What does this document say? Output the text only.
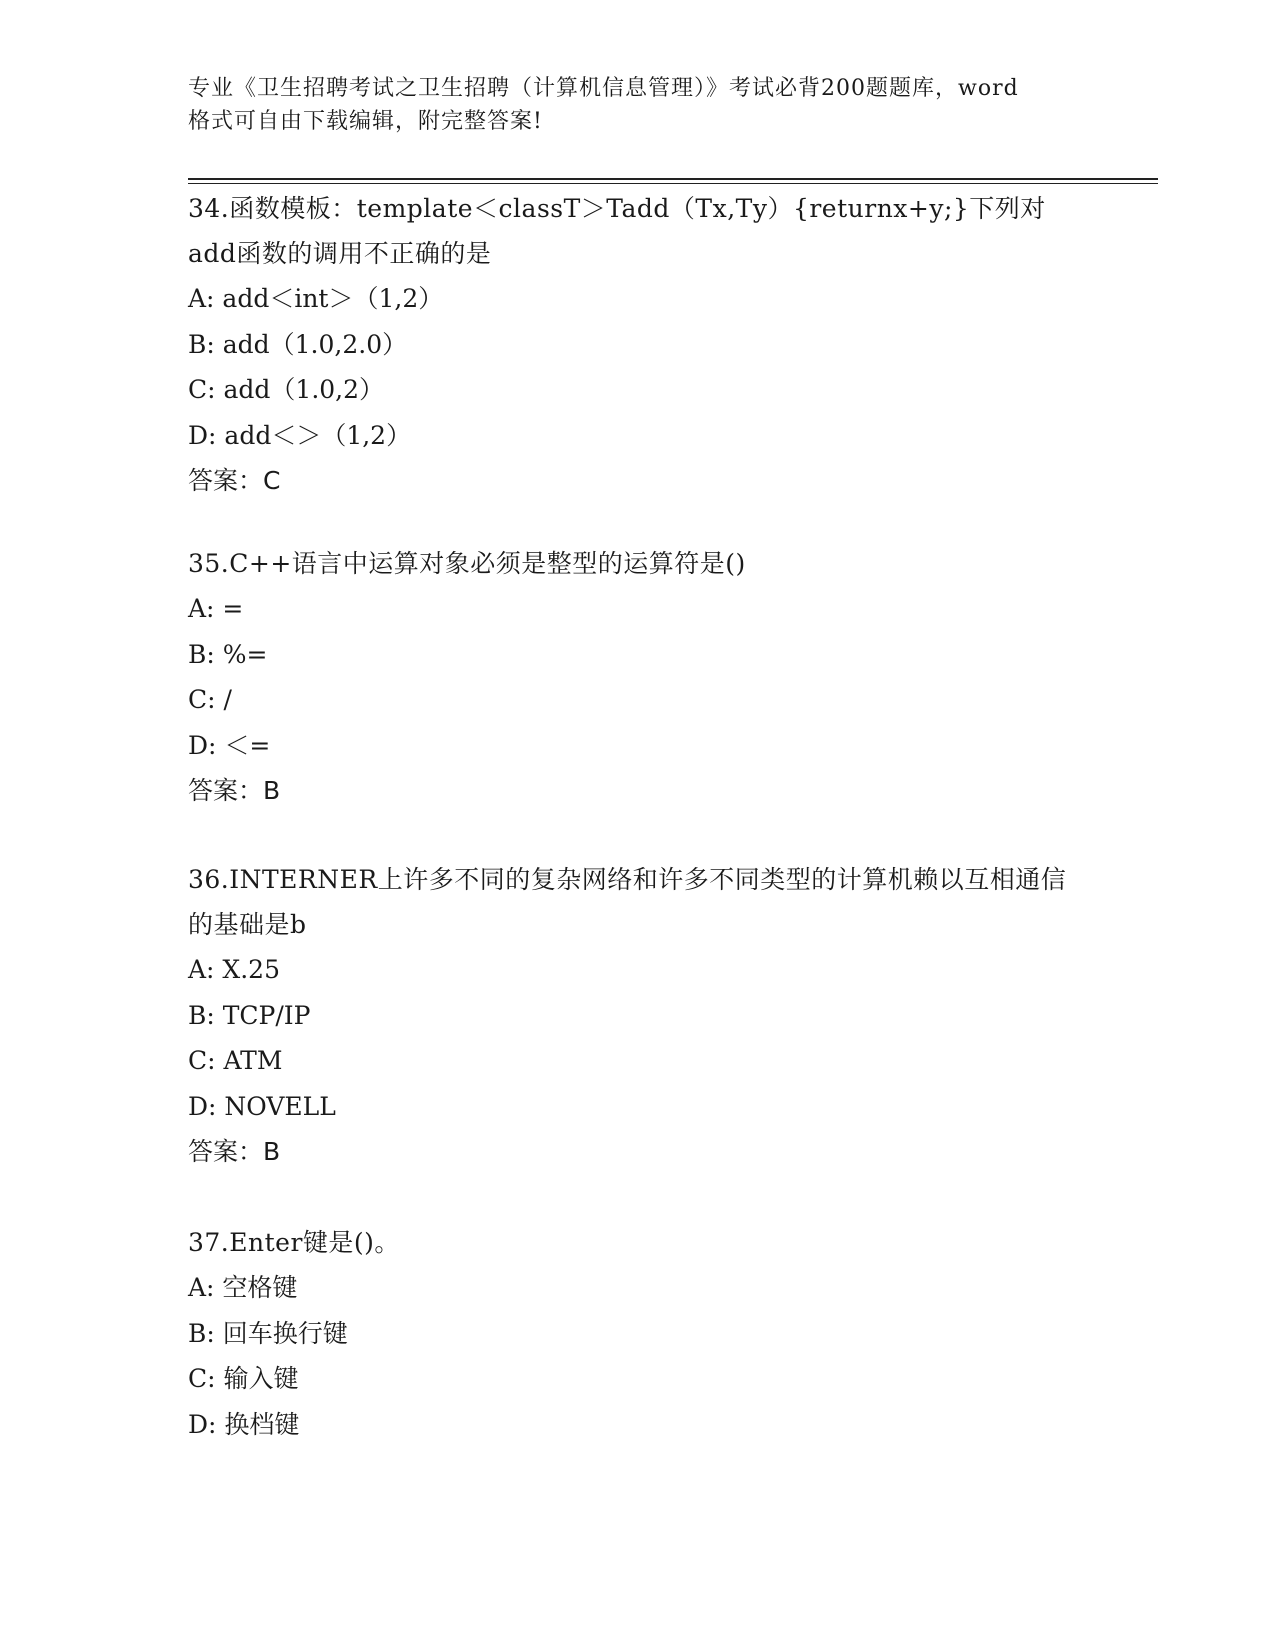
专业《卫生招聘考试之卫生招聘（计算机信息管理）》考试必背200题题库，word
格式可自由下载编辑，附完整答案!
34.函数模板：template＜classT＞Tadd（Tx,Ty）{returnx+y;}下列对add函数的调用不正确的是
A: add＜int＞（1,2）
B: add（1.0,2.0）
C: add（1.0,2）
D: add＜＞（1,2）
答案：C
35.C++语言中运算对象必须是整型的运算符是()
A: =
B: %=
C: /
D: ＜=
答案：B
36.INTERNER上许多不同的复杂网络和许多不同类型的计算机赖以互相通信的基础是b
A: X.25
B: TCP/IP
C: ATM
D: NOVELL
答案：B
37.Enter键是()。
A: 空格键
B: 回车换行键
C: 输入键
D: 换档键
